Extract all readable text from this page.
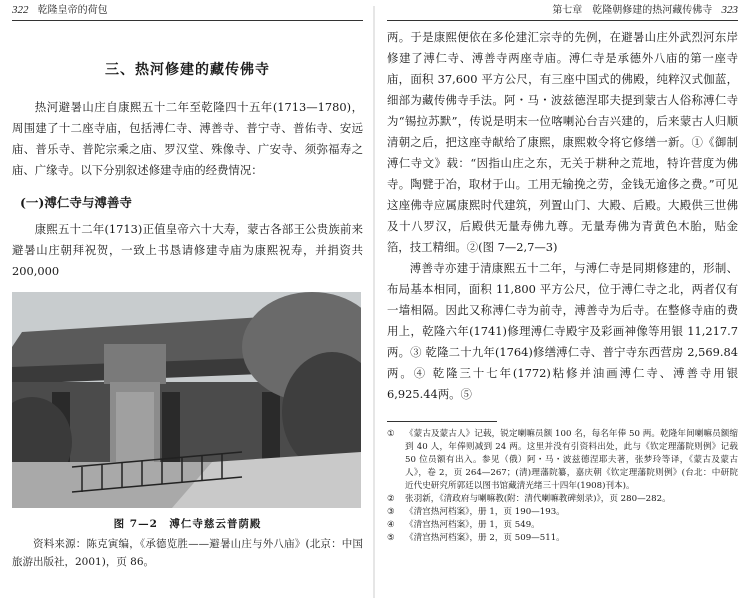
322 乾隆皇帝的荷包
三、热河修建的藏传佛寺

热河避暑山庄自康熙五十二年至乾隆四十五年(1713—1780)，周围建了十二座寺庙，包括溥仁寺、溥善寺、普宁寺、普佑寺、安远庙、普乐寺、普陀宗乘之庙、罗汉堂、殊像寺、广安寺、须弥福寿之庙、广缘寺。以下分别叙述修建寺庙的经费情况：

(一)溥仁寺与溥善寺

康熙五十二年(1713)正值皇帝六十大寿，蒙古各部王公贵族前来避暑山庄朝拜祝贺，一致上书恳请修建寺庙为康熙祝寿，并捐资共 200,000

图 7—2　溥仁寺慈云普荫殿
资料来源：陈克寅编，《承德览胜——避暑山庄与外八庙》(北京：中国旅游出版社，2001)，页 86。
第七章　乾隆朝修建的热河藏传佛寺 323

两。于是康熙便依在多伦建汇宗寺的先例，在避暑山庄外武烈河东岸修建了溥仁寺、溥善寺两座寺庙。溥仁寺是承德外八庙的第一座寺庙，面积 37,600 平方公尺，有三座中国式的佛殿，纯粹汉式伽蓝，细部为藏传佛寺手法。阿・马・波兹德涅耶夫提到蒙古人俗称溥仁寺为“锡拉苏默”，传说是明末一位喀喇沁台吉兴建的，后来蒙古人归顺清朝之后，把这座寺献给了康熙，康熙敕令将它修缮一新。①《御制溥仁寺文》载：“因指山庄之东，无关于耕种之荒地，特许营度为佛寺。陶甓于冶，取材于山。工用无输挽之劳，金钱无逾侈之费。”可见这座佛寺应属康熙时代建筑，列置山门、大殿、后殿。大殿供三世佛及十八罗汉，后殿供无量寿佛九尊。无量寿佛为青黄色木胎，贴金箔，技工精细。②(图 7—2,7—3)

溥善寺亦建于清康熙五十二年，与溥仁寺是同期修建的，形制、布局基本相同，面积 11,800 平方公尺，位于溥仁寺之北，两者仅有一墙相隔。因此又称溥仁寺为前寺，溥善寺为后寺。在整修寺庙的费用上，乾隆六年(1741)修理溥仁寺殿宇及彩画神像等用银 11,217.7 两。③ 乾隆二十九年(1764)修缮溥仁寺、普宁寺东西营房 2,569.84 两。④ 乾隆三十七年(1772)粘修并油画溥仁寺、溥善寺用银 6,925.44两。⑤

①	《蒙古及蒙古人》记载，锐定喇嘛员额 100 名，每名年俸 50 两。乾隆年间喇嘛员额缩到 40 人，年俸则减到 24 两。这里并没有引资料出处，此与《钦定理藩院则例》记载 50 位员额有出入。参见（俄）阿・马・波兹德涅耶夫著，张梦玲等译，《蒙古及蒙古人》，卷 2，页 264—267；(清)理藩院纂，嘉庆朝《钦定理藩院则例》(台北：中研院近代史研究所郭廷以图书馆藏清光绪三十四年(1908)刊本)。
②	张羽新，《清政府与喇嘛教(附：清代喇嘛教碑刻录)》，页 280—282。
③	《清宫热河档案》，册 1，页 190—193。
④	《清宫热河档案》，册 1，页 549。
⑤	《清宫热河档案》，册 2，页 509—511。
